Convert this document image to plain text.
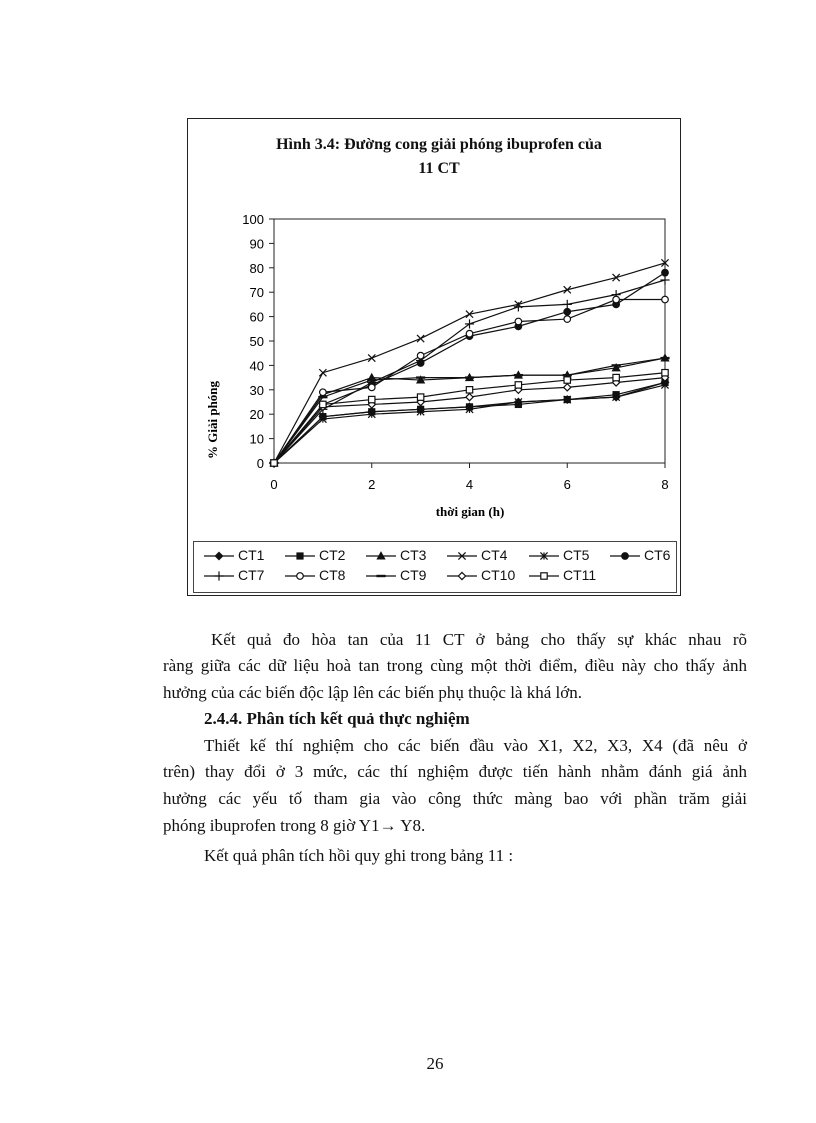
Hình 3.4: Đường cong giải phóng ibuprofen của
11 CT
0
10
20
30
40
50
60
70
80
90
100
0	2	4	6	8
% Giải phóng
thời gian (h)
CT1	CT2	CT3	CT4	CT5	CT6
CT7	CT8	CT9	CT10	CT11
Kết quả đo hòa tan của 11 CT ở bảng cho thấy sự khác nhau rõ
ràng giữa các dữ liệu hoà tan trong cùng một thời điểm, điều này cho thấy ảnh
hưởng của các biến độc lập lên các biến phụ thuộc là khá lớn.
2.4.4. Phân tích kết quả thực nghiệm
Thiết kế thí nghiệm cho các biến đầu vào X1, X2, X3, X4 (đã nêu ở
trên) thay đổi ở 3 mức, các thí nghiệm được tiến hành nhằm đánh giá ảnh
hưởng các yếu tố tham gia vào công thức màng bao với phần trăm giải
phóng ibuprofen trong 8 giờ Y1→ Y8.
Kết quả phân tích hồi quy ghi trong bảng 11 :
26
